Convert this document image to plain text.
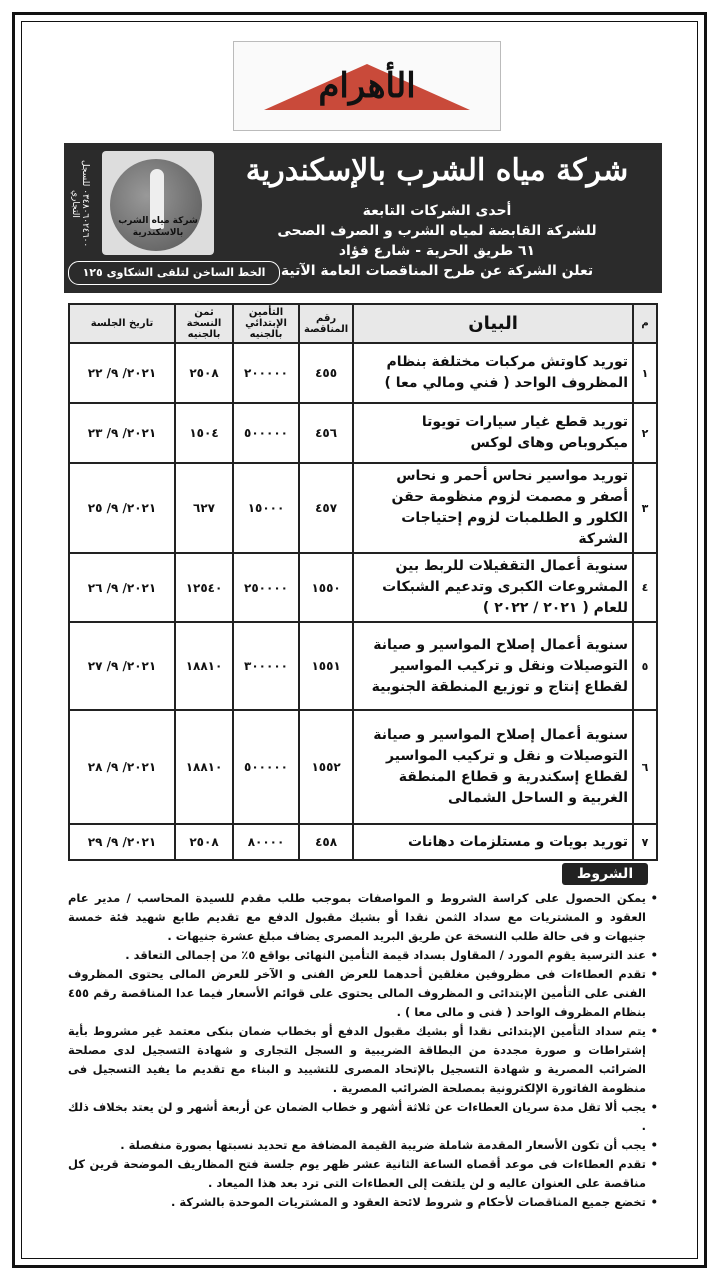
الأهرام
شركة مياه الشرب بالإسكندرية
أحدى الشركات التابعة
للشركة القابضة لمياه الشرب و الصرف الصحى
٦١ طريق الحرية - شارع فؤاد
تعلن الشركة عن طرح المناقصات العامة الآتية
شركة مياه الشرب بالاسكندرية
٠٣٤٨٠٦٠٢٤٦٠٠ للسجل التجاري
الخط الساخن لتلقى الشكاوى ١٢٥
م	البيان	رقم المناقصة	التأمين الإبتدائي بالجنيه	ثمن النسخة بالجنيه	تاريخ الجلسة
١	توريد كاوتش مركبات مختلفة بنظام المظروف الواحد ( فني ومالي معا )	٤٥٥	٢٠٠٠٠٠	٢٥٠٨	٢٠٢١/ ٩/ ٢٢
٢	توريد قطع غيار سيارات تويوتا ميكروباص وهاى لوكس	٤٥٦	٥٠٠٠٠٠	١٥٠٤	٢٠٢١/ ٩/ ٢٣
٣	توريد مواسير نحاس أحمر و نحاس أصفر و مصمت لزوم منظومة حقن الكلور و الطلمبات لزوم إحتياجات الشركة	٤٥٧	١٥٠٠٠	٦٢٧	٢٠٢١/ ٩/ ٢٥
٤	سنوية أعمال التقفيلات للربط بين المشروعات الكبرى وتدعيم الشبكات للعام ( ٢٠٢١ / ٢٠٢٢ )	١٥٥٠	٢٥٠٠٠٠	١٢٥٤٠	٢٠٢١/ ٩/ ٢٦
٥	سنوية أعمال إصلاح المواسير و صيانة التوصيلات ونقل و تركيب المواسير لقطاع إنتاج و توزيع المنطقة الجنوبية	١٥٥١	٣٠٠٠٠٠	١٨٨١٠	٢٠٢١/ ٩/ ٢٧
٦	سنوية أعمال إصلاح المواسير و صيانة التوصيلات و نقل و تركيب المواسير لقطاع إسكندرية و قطاع المنطقة الغربية و الساحل الشمالى	١٥٥٢	٥٠٠٠٠٠	١٨٨١٠	٢٠٢١/ ٩/ ٢٨
٧	توريد بويات و مستلزمات دهانات	٤٥٨	٨٠٠٠٠	٢٥٠٨	٢٠٢١/ ٩/ ٢٩
الشروط
• يمكن الحصول على كراسة الشروط و المواصفات بموجب طلب مقدم للسيدة المحاسب / مدير عام العقود و المشتريات مع سداد الثمن نقدا أو بشيك مقبول الدفع مع تقديم طابع شهيد فئة خمسة جنيهات و فى حالة طلب النسخة عن طريق البريد المصرى يضاف مبلغ عشرة جنيهات .
• عند الترسية يقوم المورد / المقاول بسداد قيمة التأمين النهائى بواقع ٥٪ من إجمالى التعاقد .
• تقدم العطاءات فى مظروفين مغلقين أحدهما للعرض الفنى و الآخر للعرض المالى يحتوى المظروف الفنى على التأمين الإبتدائى و المظروف المالى يحتوى على قوائم الأسعار فيما عدا المناقصة رقم ٤٥٥ بنظام المظروف الواحد ( فنى و مالى معا ) .
• يتم سداد التأمين الإبتدائى نقدا أو بشيك مقبول الدفع أو بخطاب ضمان بنكى معتمد غير مشروط بأية إشتراطات و صورة مجددة من البطاقة الضريبية و السجل التجارى و شهادة التسجيل لدى مصلحة الضرائب المصرية و شهادة التسجيل بالإتحاد المصرى للتشييد و البناء مع تقديم ما يفيد التسجيل فى منظومة الفاتورة الإلكترونية بمصلحة الضرائب المصرية .
• يجب ألا تقل مدة سريان العطاءات عن ثلاثة أشهر و خطاب الضمان عن أربعة أشهر و لن يعتد بخلاف ذلك .
• يجب أن تكون الأسعار المقدمة شاملة ضريبة القيمة المضافة مع تحديد نسبتها بصورة منفصلة .
• تقدم العطاءات فى موعد أقصاه الساعة الثانية عشر ظهر يوم جلسة فتح المظاريف الموضحة قرين كل مناقصة على العنوان عاليه و لن يلتفت إلى العطاءات التى ترد بعد هذا الميعاد .
• تخضع جميع المناقصات لأحكام و شروط لائحة العقود و المشتريات الموحدة بالشركة .
